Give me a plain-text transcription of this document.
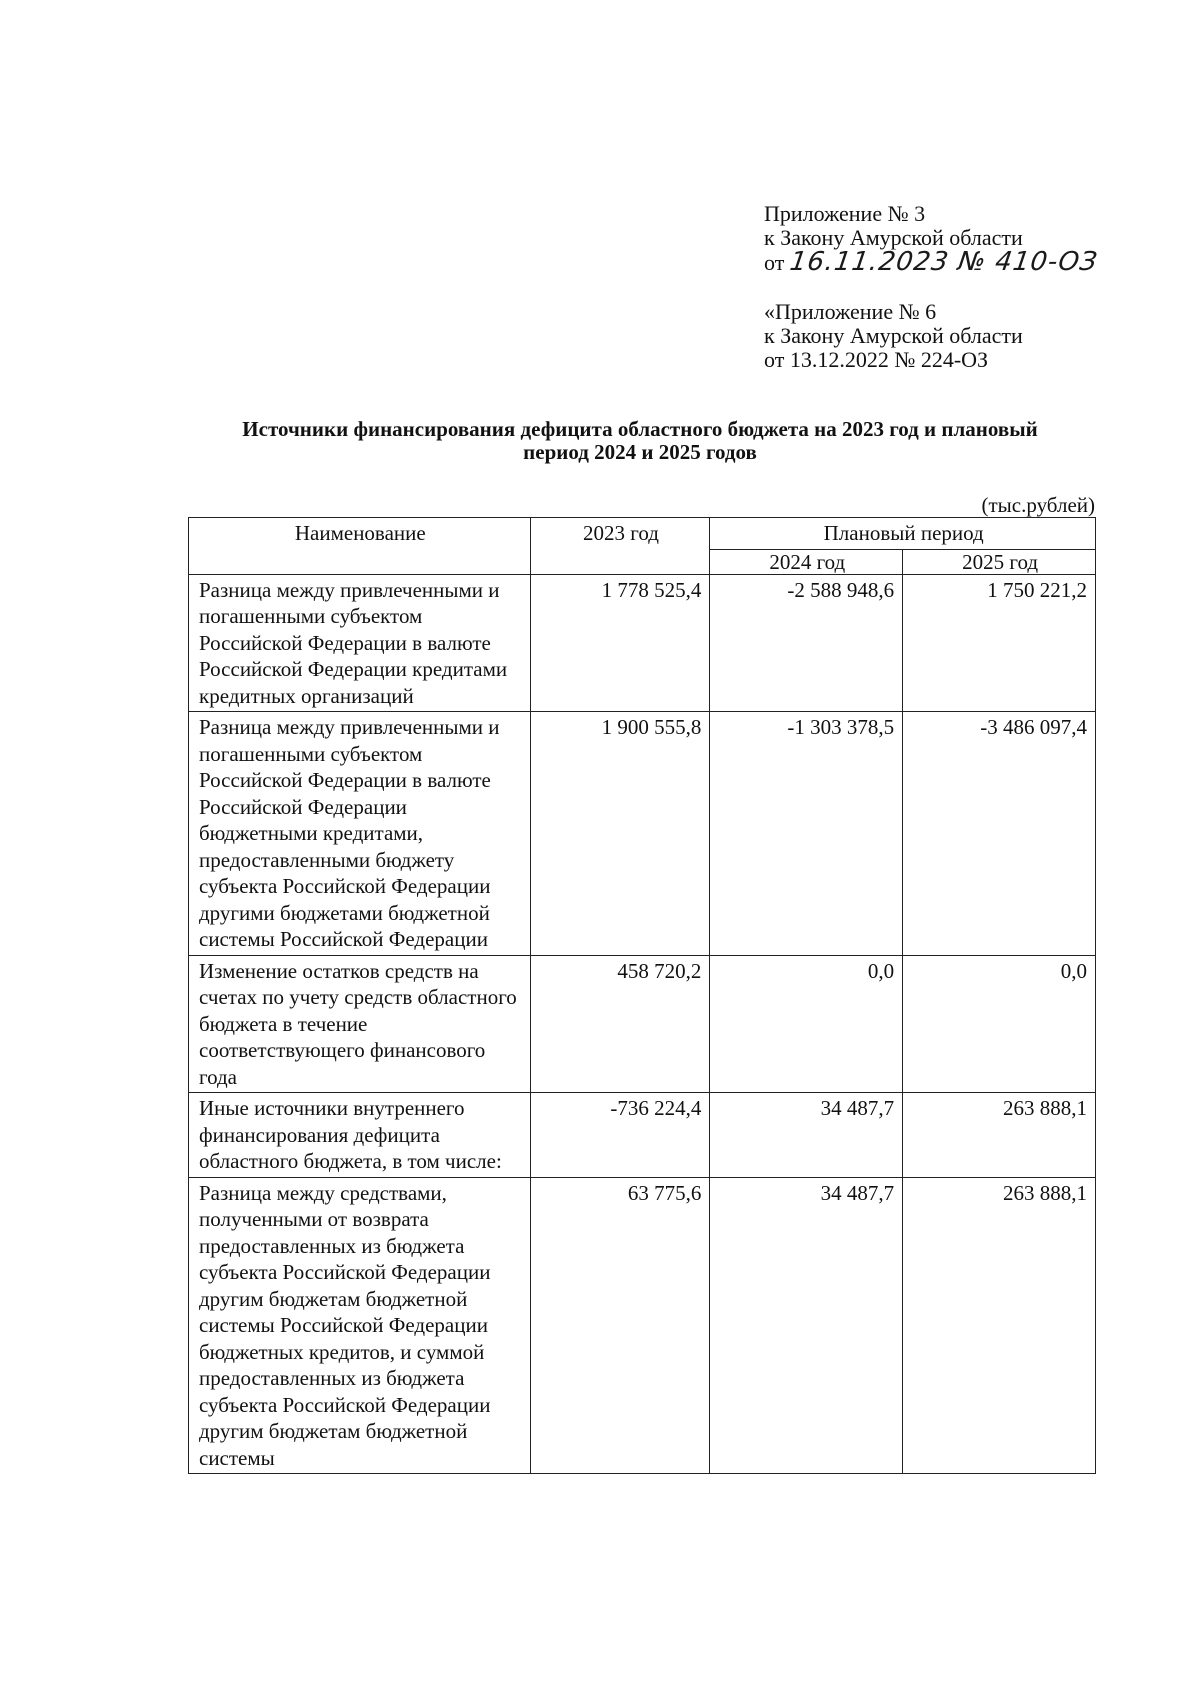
Приложение № 3
к Закону Амурской области
от 16.11.2023 № 410-ОЗ
«Приложение № 6
к Закону Амурской области
от 13.12.2022 № 224-ОЗ
Источники финансирования дефицита областного бюджета на 2023 год и плановый
период 2024 и 2025 годов
(тыс.рублей)
Наименование	2023 год	Плановый период	
		2024 год	2025 год
Разница между привлеченными и погашенными субъектом Российской Федерации в валюте Российской Федерации кредитами кредитных организаций	1 778 525,4	-2 588 948,6	1 750 221,2
Разница между привлеченными и погашенными субъектом Российской Федерации в валюте Российской Федерации бюджетными кредитами, предоставленными бюджету субъекта Российской Федерации другими бюджетами бюджетной системы Российской Федерации	1 900 555,8	-1 303 378,5	-3 486 097,4
Изменение остатков средств на счетах по учету средств областного бюджета в течение соответствующего финансового года	458 720,2	0,0	0,0
Иные источники внутреннего финансирования дефицита областного бюджета, в том числе:	-736 224,4	34 487,7	263 888,1
Разница между средствами, полученными от возврата предоставленных из бюджета субъекта Российской Федерации другим бюджетам бюджетной системы Российской Федерации бюджетных кредитов, и суммой предоставленных из бюджета субъекта Российской Федерации другим бюджетам бюджетной системы	63 775,6	34 487,7	263 888,1
